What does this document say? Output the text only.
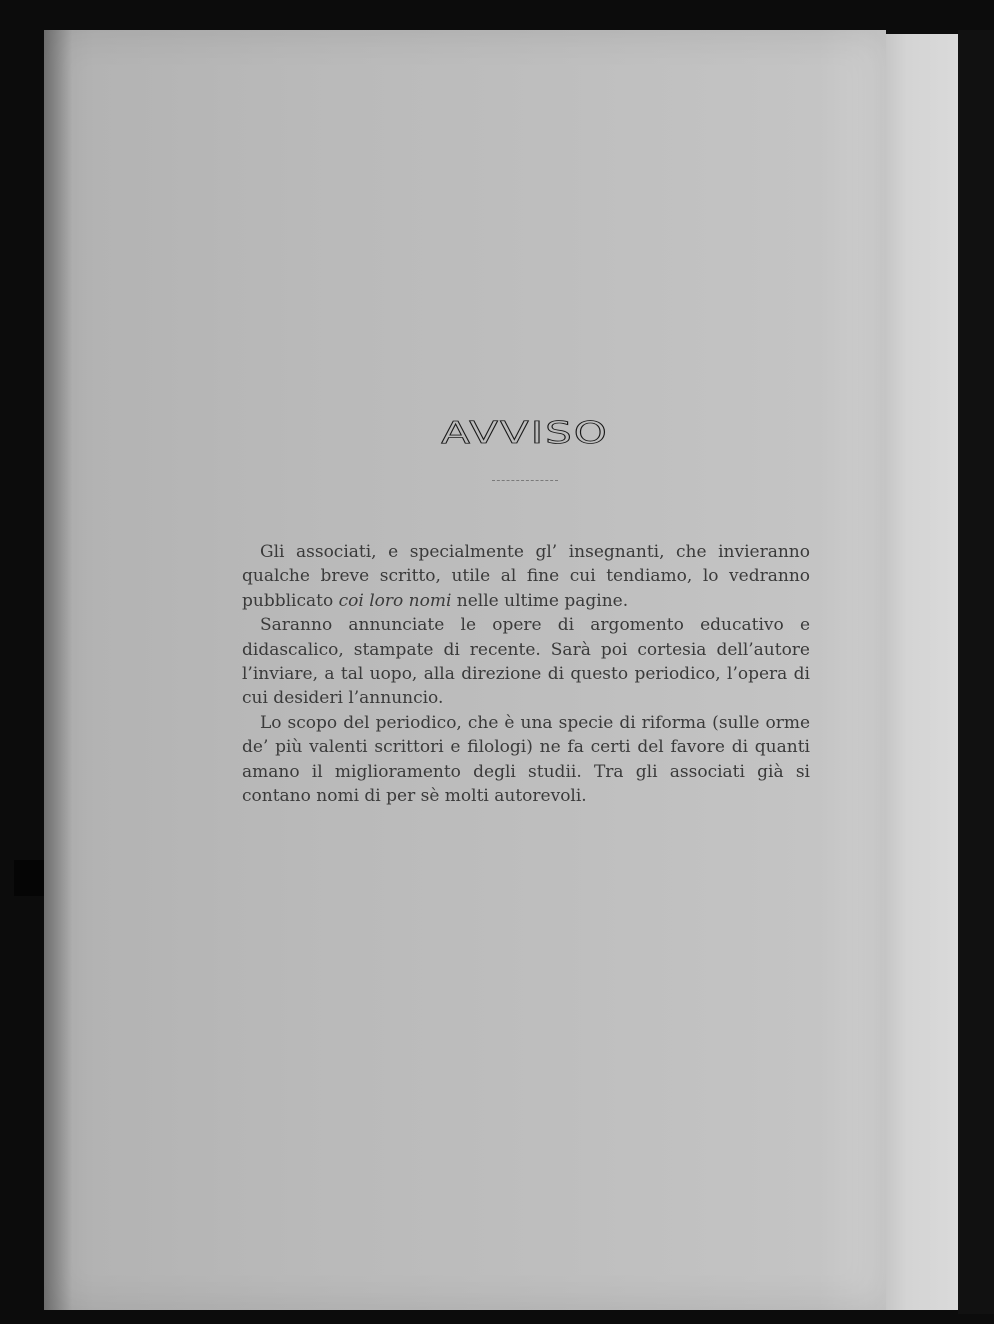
AVVISO

Gli associati, e specialmente gl’ insegnanti, che invieranno qualche breve scritto, utile al fine cui tendiamo, lo vedranno pubblicato coi loro nomi nelle ultime pagine.

Saranno annunciate le opere di argomento educativo e didascalico, stampate di recente. Sarà poi cortesia dell’autore l’inviare, a tal uopo, alla direzione di questo periodico, l’opera di cui desideri l’annuncio.

Lo scopo del periodico, che è una specie di riforma (sulle orme de’ più valenti scrittori e filologi) ne fa certi del favore di quanti amano il miglioramento degli studii. Tra gli associati già si contano nomi di per sè molti autorevoli.
